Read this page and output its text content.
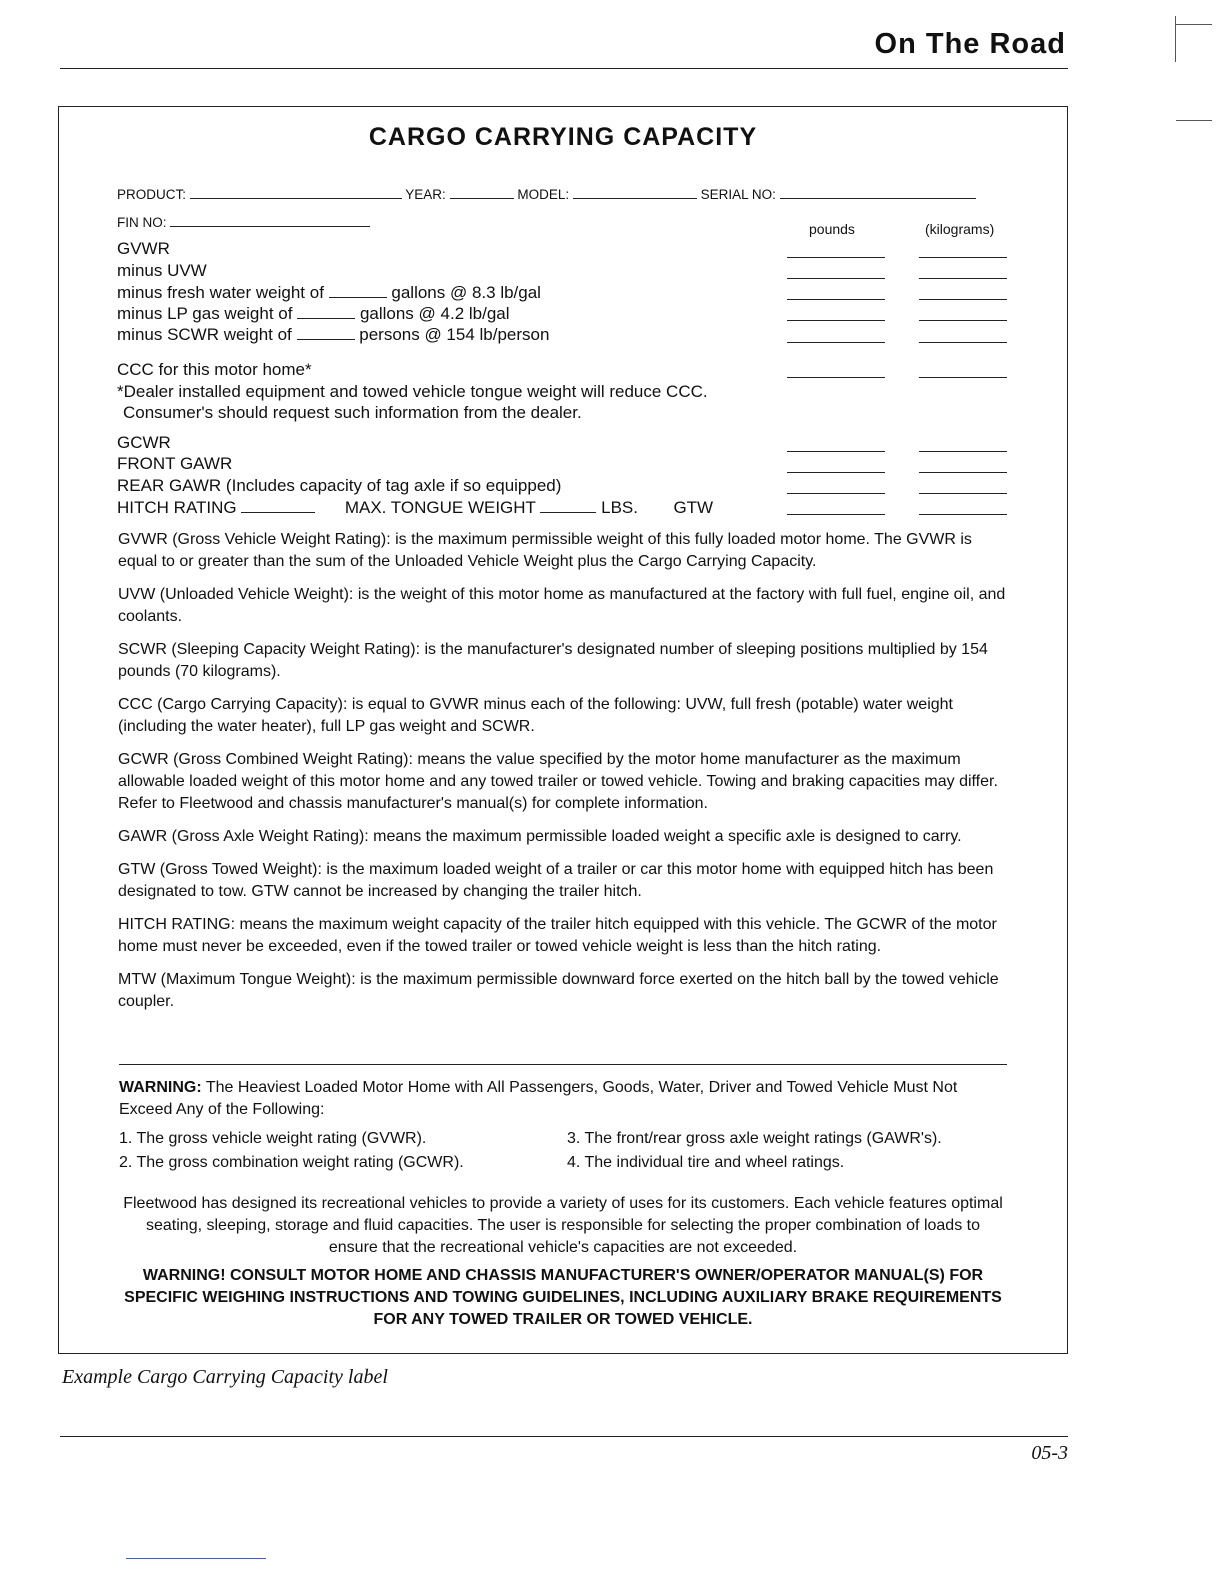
On The Road
CARGO CARRYING CAPACITY
PRODUCT:	YEAR:	MODEL:	SERIAL NO:
FIN NO:	pounds	(kilograms)
GVWR
minus UVW
minus fresh water weight of	gallons @ 8.3 lb/gal
minus LP gas weight of	gallons @ 4.2 lb/gal
minus SCWR weight of	persons @ 154 lb/person
CCC for this motor home*
*Dealer installed equipment and towed vehicle tongue weight will reduce CCC.
Consumer's should request such information from the dealer.
GCWR
FRONT GAWR
REAR GAWR (Includes capacity of tag axle if so equipped)
HITCH RATING	MAX. TONGUE WEIGHT	LBS. GTW

GVWR (Gross Vehicle Weight Rating): is the maximum permissible weight of this fully loaded motor home. The GVWR is equal to or greater than the sum of the Unloaded Vehicle Weight plus the Cargo Carrying Capacity.

UVW (Unloaded Vehicle Weight): is the weight of this motor home as manufactured at the factory with full fuel, engine oil, and coolants.

SCWR (Sleeping Capacity Weight Rating): is the manufacturer's designated number of sleeping positions multiplied by 154 pounds (70 kilograms).

CCC (Cargo Carrying Capacity): is equal to GVWR minus each of the following: UVW, full fresh (potable) water weight (including the water heater), full LP gas weight and SCWR.

GCWR (Gross Combined Weight Rating): means the value specified by the motor home manufacturer as the maximum allowable loaded weight of this motor home and any towed trailer or towed vehicle. Towing and braking capacities may differ. Refer to Fleetwood and chassis manufacturer's manual(s) for complete information.

GAWR (Gross Axle Weight Rating): means the maximum permissible loaded weight a specific axle is designed to carry.

GTW (Gross Towed Weight): is the maximum loaded weight of a trailer or car this motor home with equipped hitch has been designated to tow. GTW cannot be increased by changing the trailer hitch.

HITCH RATING: means the maximum weight capacity of the trailer hitch equipped with this vehicle. The GCWR of the motor home must never be exceeded, even if the towed trailer or towed vehicle weight is less than the hitch rating.

MTW (Maximum Tongue Weight): is the maximum permissible downward force exerted on the hitch ball by the towed vehicle coupler.

WARNING: The Heaviest Loaded Motor Home with All Passengers, Goods, Water, Driver and Towed Vehicle Must Not Exceed Any of the Following:

1. The gross vehicle weight rating (GVWR).
2. The gross combination weight rating (GCWR).
3. The front/rear gross axle weight ratings (GAWR's).
4. The individual tire and wheel ratings.

Fleetwood has designed its recreational vehicles to provide a variety of uses for its customers. Each vehicle features optimal seating, sleeping, storage and fluid capacities. The user is responsible for selecting the proper combination of loads to ensure that the recreational vehicle's capacities are not exceeded.

WARNING! CONSULT MOTOR HOME AND CHASSIS MANUFACTURER'S OWNER/OPERATOR MANUAL(S) FOR SPECIFIC WEIGHING INSTRUCTIONS AND TOWING GUIDELINES, INCLUDING AUXILIARY BRAKE REQUIREMENTS FOR ANY TOWED TRAILER OR TOWED VEHICLE.

Example Cargo Carrying Capacity label

05-3
